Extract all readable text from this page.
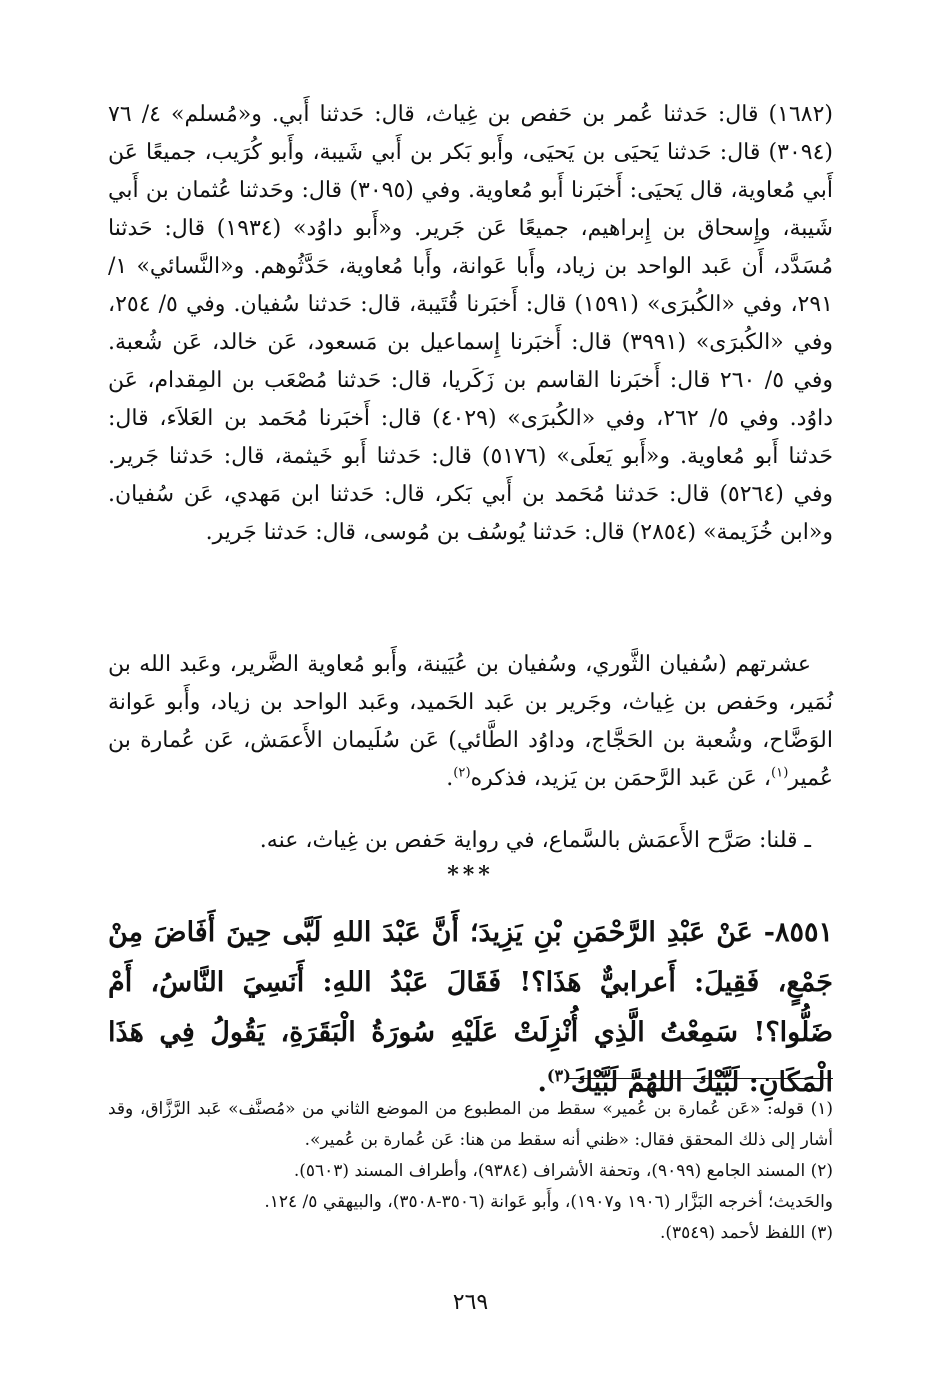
(١٦٨٢) قال: حَدثنا عُمر بن حَفص بن غِياث، قال: حَدثنا أَبي. و«مُسلم» ٤/ ٧٦ (٣٠٩٤) قال: حَدثنا يَحيَى بن يَحيَى، وأَبو بَكر بن أَبي شَيبة، وأَبو كُرَيب، جميعًا عَن أَبي مُعاوية، قال يَحيَى: أَخبَرنا أَبو مُعاوية. وفي (٣٠٩٥) قال: وحَدثنا عُثمان بن أَبي شَيبة، وإِسحاق بن إِبراهيم، جميعًا عَن جَرير. و«أَبو داوُد» (١٩٣٤) قال: حَدثنا مُسَدَّد، أَن عَبد الواحد بن زياد، وأَبا عَوانة، وأَبا مُعاوية، حَدَّثُوهم. و«النَّسائي» ١/ ٢٩١، وفي «الكُبرَى» (١٥٩١) قال: أَخبَرنا قُتَيبة، قال: حَدثنا سُفيان. وفي ٥/ ٢٥٤، وفي «الكُبرَى» (٣٩٩١) قال: أَخبَرنا إِسماعيل بن مَسعود، عَن خالد، عَن شُعبة. وفي ٥/ ٢٦٠ قال: أَخبَرنا القاسم بن زَكَريا، قال: حَدثنا مُصْعَب بن المِقدام، عَن داوُد. وفي ٥/ ٢٦٢، وفي «الكُبرَى» (٤٠٢٩) قال: أَخبَرنا مُحَمد بن العَلاَء، قال: حَدثنا أَبو مُعاوية. و«أَبو يَعلَى» (٥١٧٦) قال: حَدثنا أَبو خَيثمة، قال: حَدثنا جَرير. وفي (٥٢٦٤) قال: حَدثنا مُحَمد بن أَبي بَكر، قال: حَدثنا ابن مَهدي، عَن سُفيان. و«ابن خُزَيمة» (٢٨٥٤) قال: حَدثنا يُوسُف بن مُوسى، قال: حَدثنا جَرير.

عشرتهم (سُفيان الثَّوري، وسُفيان بن عُيَينة، وأَبو مُعاوية الضَّرير، وعَبد الله بن نُمَير، وحَفص بن غِياث، وجَرير بن عَبد الحَميد، وعَبد الواحد بن زياد، وأَبو عَوانة الوَضَّاح، وشُعبة بن الحَجَّاج، وداوُد الطَّائي) عَن سُلَيمان الأَعمَش، عَن عُمارة بن عُمير$^{(١)}$، عَن عَبد الرَّحمَن بن يَزيد، فذكره$^{(٢)}$.

ـ قلنا: صَرَّح الأَعمَش بالسَّماع، في رواية حَفص بن غِياث، عنه.
***
٨٥٥١- عَنْ عَبْدِ الرَّحْمَنِ بْنِ يَزِيدَ؛ أَنَّ عَبْدَ اللهِ لَبَّى حِينَ أَفَاضَ مِنْ جَمْعٍ، فَقِيلَ: أَعرابيٌّ هَذَا؟! فَقَالَ عَبْدُ اللهِ: أَنَسِيَ النَّاسُ، أَمْ ضَلُّوا؟! سَمِعْتُ الَّذِي أُنْزِلَتْ عَلَيْهِ سُورَةُ الْبَقَرَةِ، يَقُولُ فِي هَذَا الْمَكَانِ: لَبَّيْكَ اللهُمَّ لَبَّيْكَ$^{(٣)}$.

(١) قوله: «عَن عُمارة بن عُمير» سقط من المطبوع من الموضع الثاني من «مُصنَّف» عَبد الرَّزَّاق، وقد أشار إلى ذلك المحقق فقال: «ظني أنه سقط من هنا: عَن عُمارة بن عُمير».

(٢) المسند الجامع (٩٠٩٩)، وتحفة الأشراف (٩٣٨٤)، وأطراف المسند (٥٦٠٣).

والحَديث؛ أخرجه البَزَّار (١٩٠٦ و١٩٠٧)، وأَبو عَوانة (٣٥٠٦-٣٥٠٨)، والبيهقي ٥/ ١٢٤.

(٣) اللفظ لأحمد (٣٥٤٩).

٢٦٩
